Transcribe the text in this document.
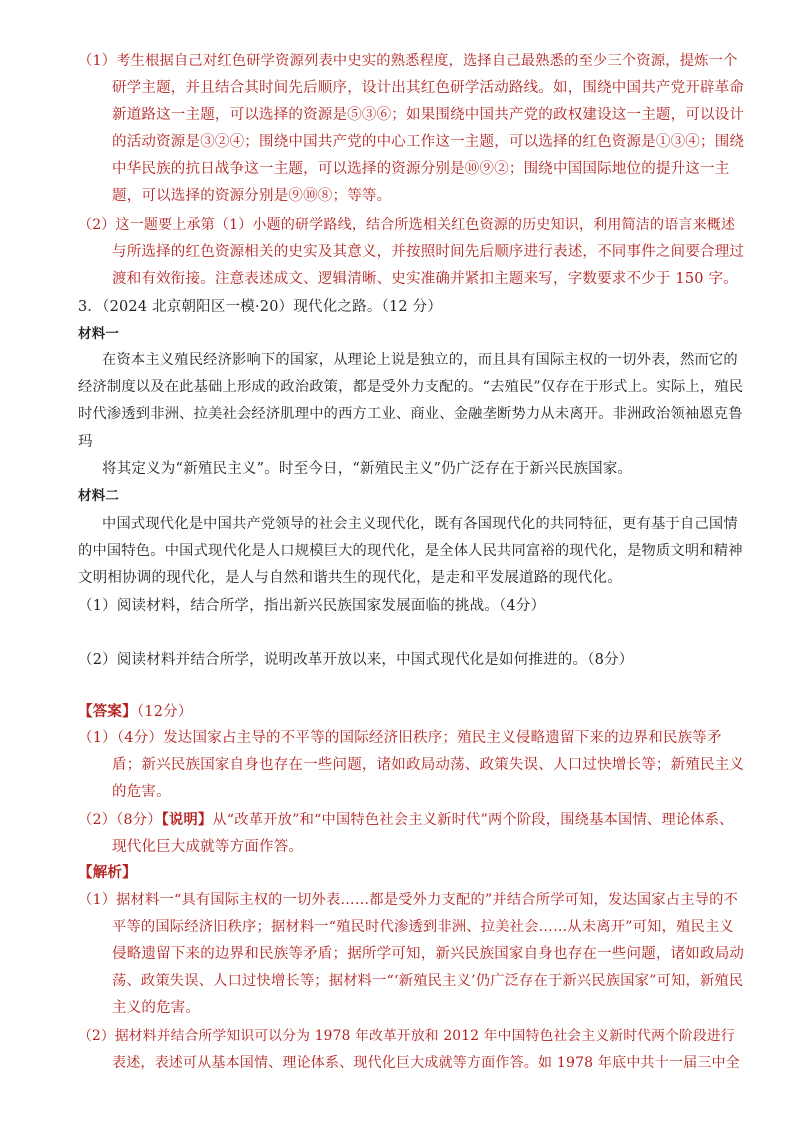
（1）考生根据自己对红色研学资源列表中史实的熟悉程度，选择自己最熟悉的至少三个资源，提炼一个
研学主题，并且结合其时间先后顺序，设计出其红色研学活动路线。如，围绕中国共产党开辟革命
新道路这一主题，可以选择的资源是⑤③⑥；如果围绕中国共产党的政权建设这一主题，可以设计
的活动资源是③②④；围绕中国共产党的中心工作这一主题，可以选择的红色资源是①③④；围绕
中华民族的抗日战争这一主题，可以选择的资源分别是⑩⑨②；围绕中国国际地位的提升这一主
题，可以选择的资源分别是⑨⑩⑧；等等。
（2）这一题要上承第（1）小题的研学路线，结合所选相关红色资源的历史知识，利用简洁的语言来概述
与所选择的红色资源相关的史实及其意义，并按照时间先后顺序进行表述，不同事件之间要合理过
渡和有效衔接。注意表述成文、逻辑清晰、史实准确并紧扣主题来写，字数要求不少于 150 字。
3．（2024 北京朝阳区一模·20）现代化之路。（12 分）
材料一
在资本主义殖民经济影响下的国家，从理论上说是独立的，而且具有国际主权的一切外表，然而它的
经济制度以及在此基础上形成的政治政策，都是受外力支配的。“去殖民”仅存在于形式上。实际上，殖民
时代渗透到非洲、拉美社会经济肌理中的西方工业、商业、金融垄断势力从未离开。非洲政治领袖恩克鲁
玛
将其定义为“新殖民主义”。时至今日，“新殖民主义”仍广泛存在于新兴民族国家。
材料二
中国式现代化是中国共产党领导的社会主义现代化，既有各国现代化的共同特征，更有基于自己国情
的中国特色。中国式现代化是人口规模巨大的现代化，是全体人民共同富裕的现代化，是物质文明和精神
文明相协调的现代化，是人与自然和谐共生的现代化，是走和平发展道路的现代化。
（1）阅读材料，结合所学，指出新兴民族国家发展面临的挑战。（4分）
（2）阅读材料并结合所学，说明改革开放以来，中国式现代化是如何推进的。（8分）
【答案】（12分）
（1）（4分）发达国家占主导的不平等的国际经济旧秩序；殖民主义侵略遗留下来的边界和民族等矛
盾；新兴民族国家自身也存在一些问题，诸如政局动荡、政策失误、人口过快增长等；新殖民主义
的危害。
（2）（8分）【说明】从“改革开放”和“中国特色社会主义新时代”两个阶段，围绕基本国情、理论体系、
现代化巨大成就等方面作答。
【解析】
（1）据材料一“具有国际主权的一切外表……都是受外力支配的”并结合所学可知，发达国家占主导的不
平等的国际经济旧秩序；据材料一“殖民时代渗透到非洲、拉美社会……从未离开”可知，殖民主义
侵略遗留下来的边界和民族等矛盾；据所学可知，新兴民族国家自身也存在一些问题，诸如政局动
荡、政策失误、人口过快增长等；据材料一“‘新殖民主义’仍广泛存在于新兴民族国家”可知，新殖民
主义的危害。
（2）据材料并结合所学知识可以分为 1978 年改革开放和 2012 年中国特色社会主义新时代两个阶段进行
表述，表述可从基本国情、理论体系、现代化巨大成就等方面作答。如 1978 年底中共十一届三中全
